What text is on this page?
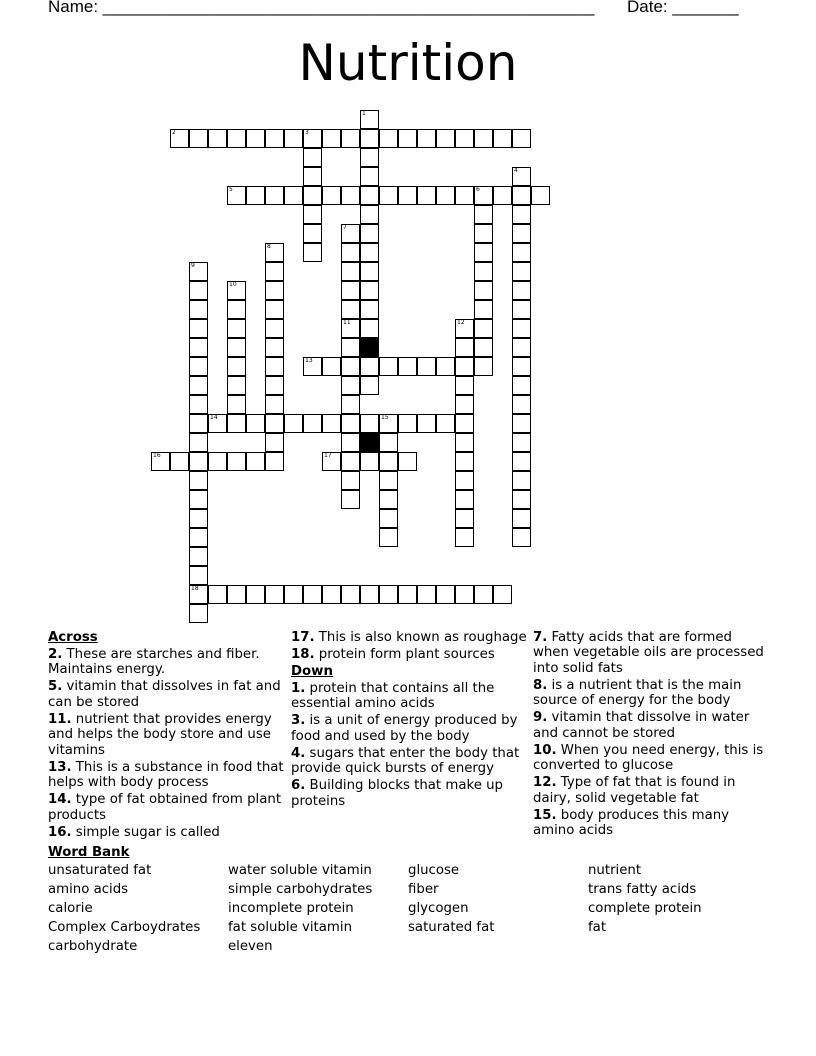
Name: ____________________________________________________ Date: _______
Nutrition
1
2	3
4
5	6
7
11
8
9
18
10
12
13
14	15
16	17
Across
2. These are starches and fiber. Maintains energy.
5. vitamin that dissolves in fat and can be stored
11. nutrient that provides energy and helps the body store and use vitamins
13. This is a substance in food that helps with body process
14. type of fat obtained from plant products
16. simple sugar is called
17. This is also known as roughage
18. protein form plant sources
Down
1. protein that contains all the essential amino acids
3. is a unit of energy produced by food and used by the body
4. sugars that enter the body that provide quick bursts of energy
6. Building blocks that make up proteins
7. Fatty acids that are formed when vegetable oils are processed into solid fats
8. is a nutrient that is the main source of energy for the body
9. vitamin that dissolve in water and cannot be stored
10. When you need energy, this is converted to glucose
12. Type of fat that is found in dairy, solid vegetable fat
15. body produces this many amino acids
Word Bank
unsaturated fat
amino acids
calorie
Complex Carboydrates
carbohydrate
water soluble vitamin
simple carbohydrates
incomplete protein
fat soluble vitamin
eleven
glucose
fiber
glycogen
saturated fat
nutrient
trans fatty acids
complete protein
fat
